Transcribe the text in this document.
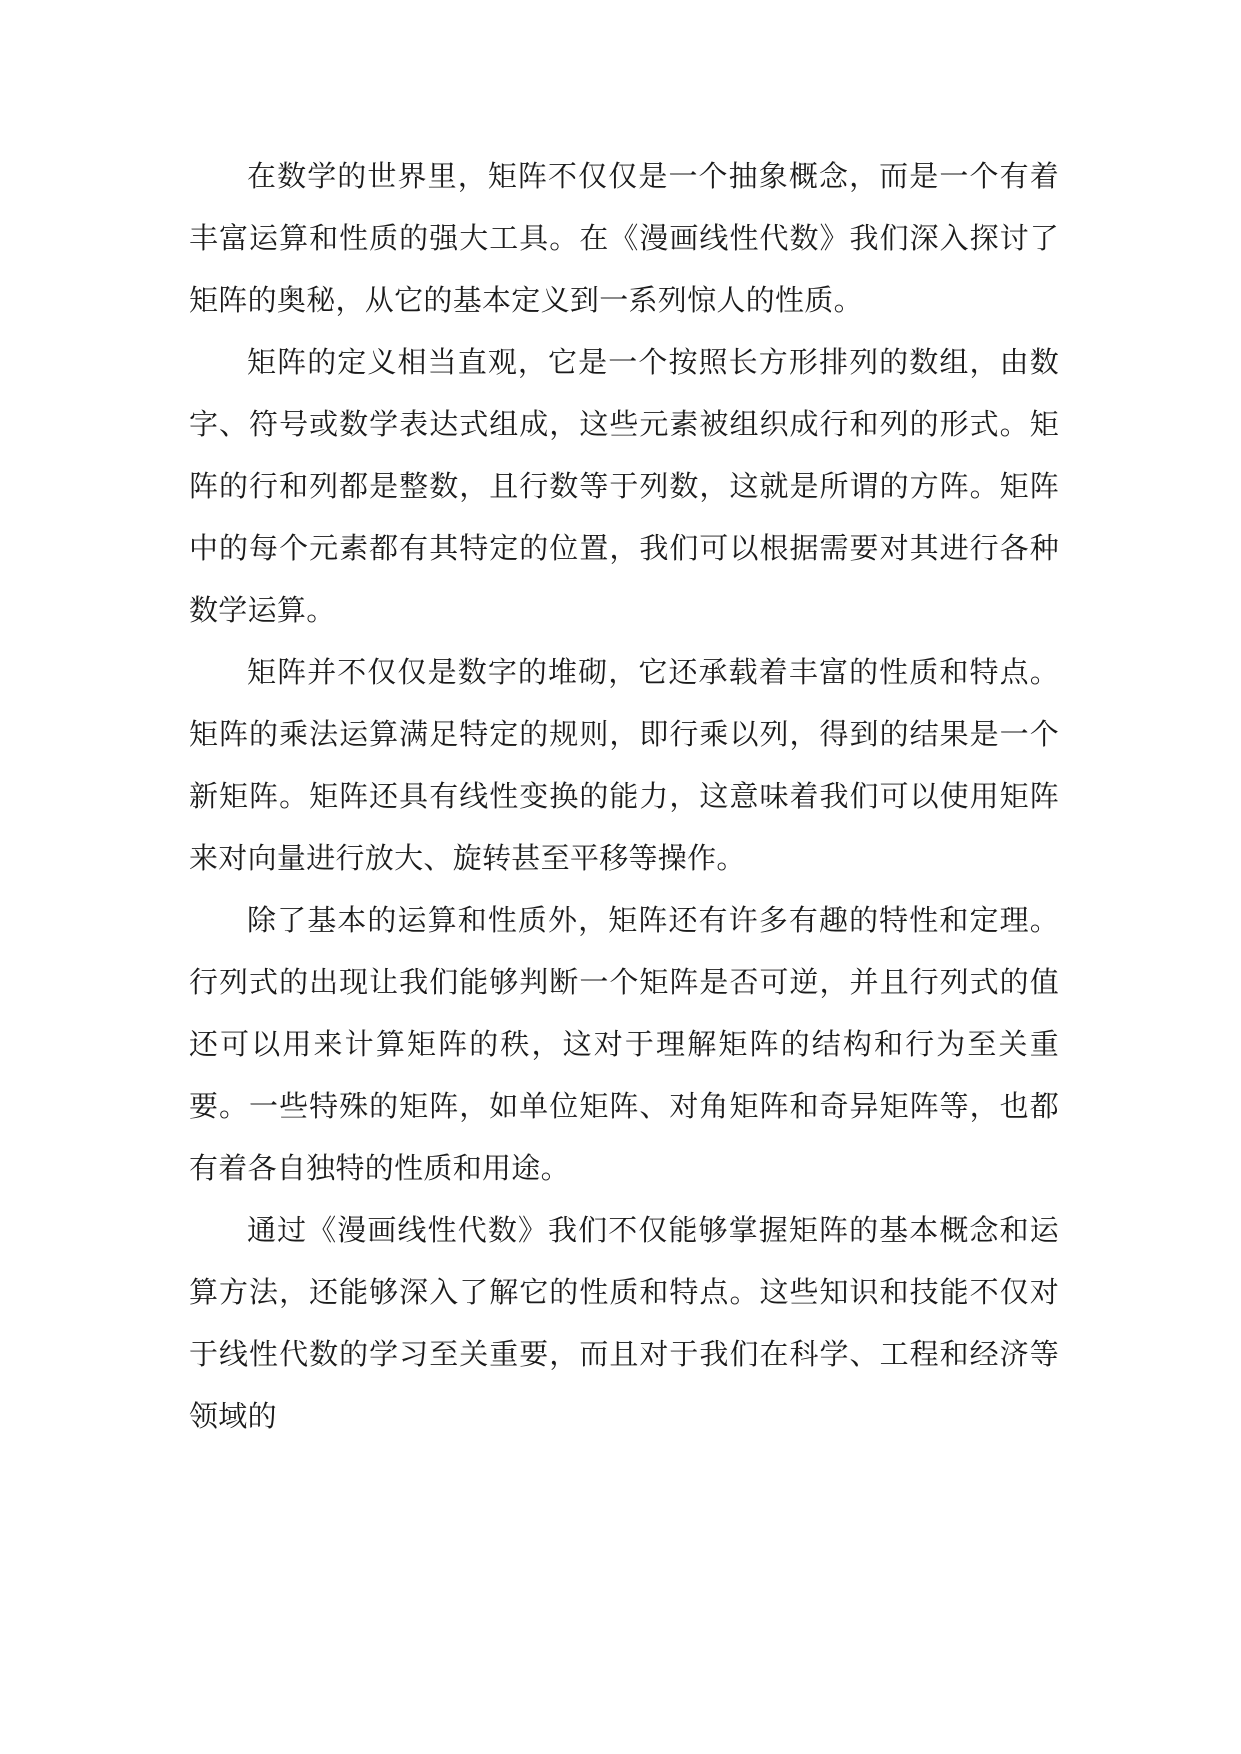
在数学的世界里，矩阵不仅仅是一个抽象概念，而是一个有着丰富运算和性质的强大工具。在《漫画线性代数》我们深入探讨了矩阵的奥秘，从它的基本定义到一系列惊人的性质。

矩阵的定义相当直观，它是一个按照长方形排列的数组，由数字、符号或数学表达式组成，这些元素被组织成行和列的形式。矩阵的行和列都是整数，且行数等于列数，这就是所谓的方阵。矩阵中的每个元素都有其特定的位置，我们可以根据需要对其进行各种数学运算。

矩阵并不仅仅是数字的堆砌，它还承载着丰富的性质和特点。矩阵的乘法运算满足特定的规则，即行乘以列，得到的结果是一个新矩阵。矩阵还具有线性变换的能力，这意味着我们可以使用矩阵来对向量进行放大、旋转甚至平移等操作。

除了基本的运算和性质外，矩阵还有许多有趣的特性和定理。行列式的出现让我们能够判断一个矩阵是否可逆，并且行列式的值还可以用来计算矩阵的秩，这对于理解矩阵的结构和行为至关重要。一些特殊的矩阵，如单位矩阵、对角矩阵和奇异矩阵等，也都有着各自独特的性质和用途。

通过《漫画线性代数》我们不仅能够掌握矩阵的基本概念和运算方法，还能够深入了解它的性质和特点。这些知识和技能不仅对于线性代数的学习至关重要，而且对于我们在科学、工程和经济等领域的
